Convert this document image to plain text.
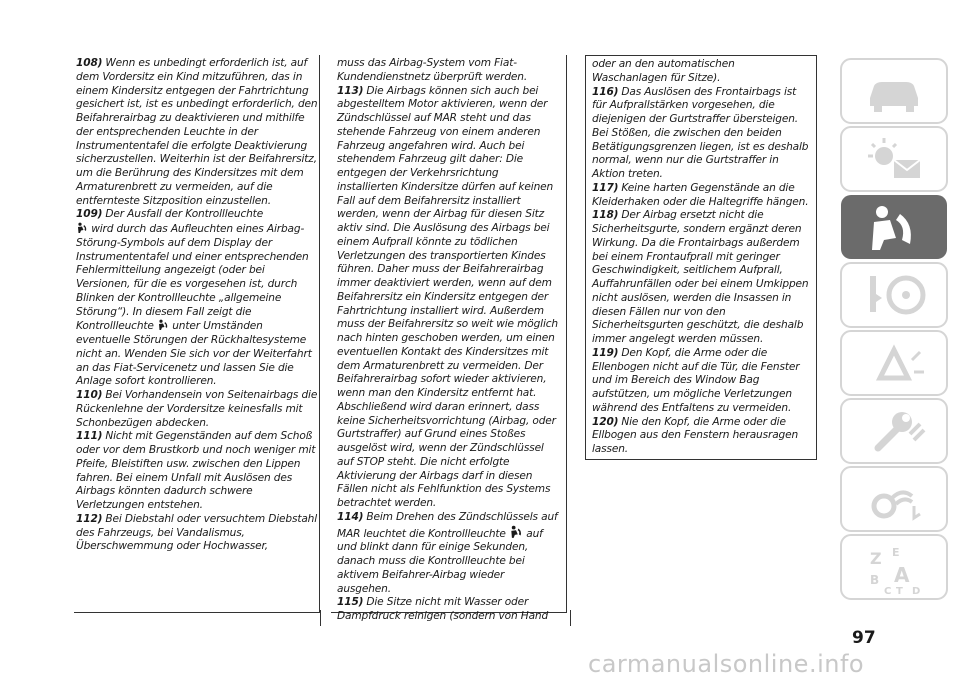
108) Wenn es unbedingt erforderlich ist, auf dem Vordersitz ein Kind mitzuführen, das in einem Kindersitz entgegen der Fahrtrichtung gesichert ist, ist es unbedingt erforderlich, den Beifahrerairbag zu deaktivieren und mithilfe der entsprechenden Leuchte in der Instrumententafel die erfolgte Deaktivierung sicherzustellen. Weiterhin ist der Beifahrersitz, um die Berührung des Kindersitzes mit dem Armaturenbrett zu vermeiden, auf die entfernteste Sitzposition einzustellen.

109) Der Ausfall der Kontrollleuchte
wird durch das Aufleuchten eines Airbag-Störung-Symbols auf dem Display der Instrumententafel und einer entsprechenden Fehlermitteilung angezeigt (oder bei Versionen, für die es vorgesehen ist, durch Blinken der Kontrollleuchte „allgemeine Störung“). In diesem Fall zeigt die Kontrollleuchte unter Umständen eventuelle Störungen der Rückhaltesysteme nicht an. Wenden Sie sich vor der Weiterfahrt an das Fiat-Servicenetz und lassen Sie die Anlage sofort kontrollieren.

110) Bei Vorhandensein von Seitenairbags die Rückenlehne der Vordersitze keinesfalls mit Schonbezügen abdecken.

111) Nicht mit Gegenständen auf dem Schoß oder vor dem Brustkorb und noch weniger mit Pfeife, Bleistiften usw. zwischen den Lippen fahren. Bei einem Unfall mit Auslösen des Airbags könnten dadurch schwere Verletzungen entstehen.

112) Bei Diebstahl oder versuchtem Diebstahl des Fahrzeugs, bei Vandalismus, Überschwemmung oder Hochwasser,

muss das Airbag-System vom Fiat-Kundendienstnetz überprüft werden.

113) Die Airbags können sich auch bei abgestelltem Motor aktivieren, wenn der Zündschlüssel auf MAR steht und das stehende Fahrzeug von einem anderen Fahrzeug angefahren wird. Auch bei stehendem Fahrzeug gilt daher: Die entgegen der Verkehrsrichtung installierten Kindersitze dürfen auf keinen Fall auf dem Beifahrersitz installiert werden, wenn der Airbag für diesen Sitz aktiv sind. Die Auslösung des Airbags bei einem Aufprall könnte zu tödlichen Verletzungen des transportierten Kindes führen. Daher muss der Beifahrerairbag immer deaktiviert werden, wenn auf dem Beifahrersitz ein Kindersitz entgegen der Fahrtrichtung installiert wird. Außerdem muss der Beifahrersitz so weit wie möglich nach hinten geschoben werden, um einen eventuellen Kontakt des Kindersitzes mit dem Armaturenbrett zu vermeiden. Der Beifahrerairbag sofort wieder aktivieren, wenn man den Kindersitz entfernt hat. Abschließend wird daran erinnert, dass keine Sicherheitsvorrichtung (Airbag, oder Gurtstraffer) auf Grund eines Stoßes ausgelöst wird, wenn der Zündschlüssel auf STOP steht. Die nicht erfolgte Aktivierung der Airbags darf in diesen Fällen nicht als Fehlfunktion des Systems betrachtet werden.

114) Beim Drehen des Zündschlüssels auf MAR leuchtet die Kontrollleuchte auf und blinkt dann für einige Sekunden, danach muss die Kontrollleuchte bei aktivem Beifahrer-Airbag wieder ausgehen.

115) Die Sitze nicht mit Wasser oder Dampfdruck reinigen (sondern von Hand

oder an den automatischen Waschanlagen für Sitze).

116) Das Auslösen des Frontairbags ist für Aufprallstärken vorgesehen, die diejenigen der Gurtstraffer übersteigen. Bei Stößen, die zwischen den beiden Betätigungsgrenzen liegen, ist es deshalb normal, wenn nur die Gurtstraffer in Aktion treten.

117) Keine harten Gegenstände an die Kleiderhaken oder die Haltegriffe hängen.

118) Der Airbag ersetzt nicht die Sicherheitsgurte, sondern ergänzt deren Wirkung. Da die Frontairbags außerdem bei einem Frontaufprall mit geringer Geschwindigkeit, seitlichem Aufprall, Auffahrunfällen oder bei einem Umkippen nicht auslösen, werden die Insassen in diesen Fällen nur von den Sicherheitsgurten geschützt, die deshalb immer angelegt werden müssen.

119) Den Kopf, die Arme oder die Ellenbogen nicht auf die Tür, die Fenster und im Bereich des Window Bag aufstützen, um mögliche Verletzungen während des Entfaltens zu vermeiden.

120) Nie den Kopf, die Arme oder die Ellbogen aus den Fenstern herausragen lassen.

Z E
B A
C T D
97
carmanualsonline.info
